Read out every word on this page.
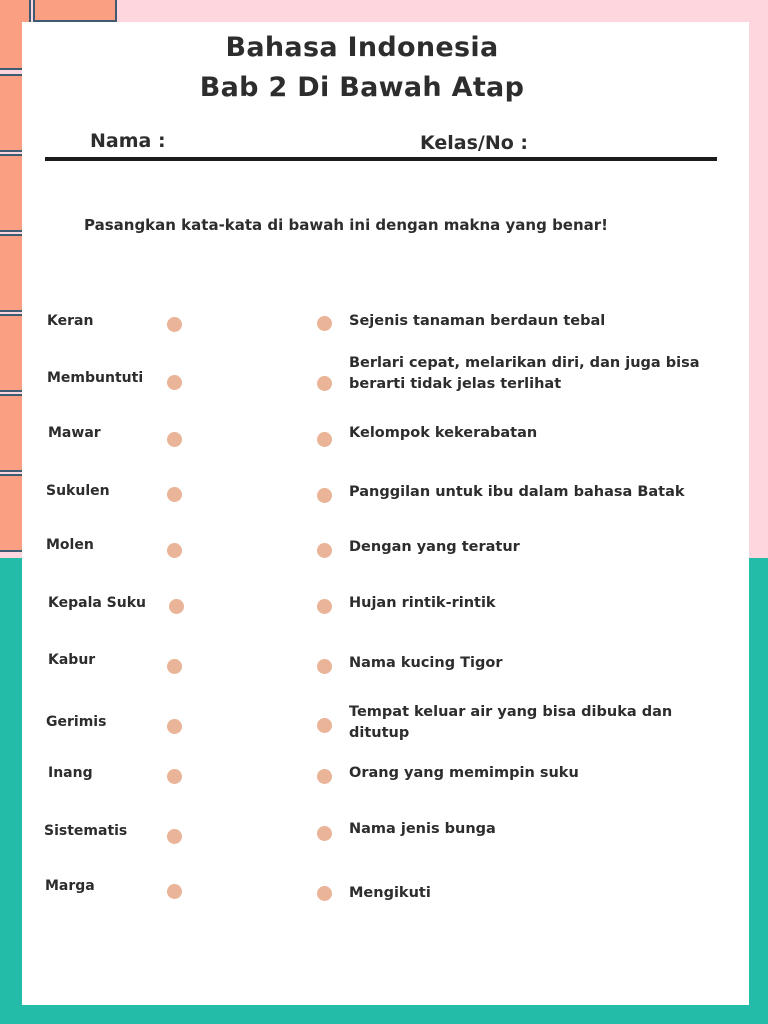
Bahasa Indonesia
Bab 2 Di Bawah Atap
Nama :	Kelas/No :
Pasangkan kata-kata di bawah ini dengan makna yang benar!
Keran
Membuntuti
Mawar
Sukulen
Molen
Kepala Suku
Kabur
Gerimis
Inang
Sistematis
Marga
Sejenis tanaman berdaun tebal
Berlari cepat, melarikan diri, dan juga bisa berarti tidak jelas terlihat
Kelompok kekerabatan
Panggilan untuk ibu dalam bahasa Batak
Dengan yang teratur
Hujan rintik-rintik
Nama kucing Tigor
Tempat keluar air yang bisa dibuka dan ditutup
Orang yang memimpin suku
Nama jenis bunga
Mengikuti
